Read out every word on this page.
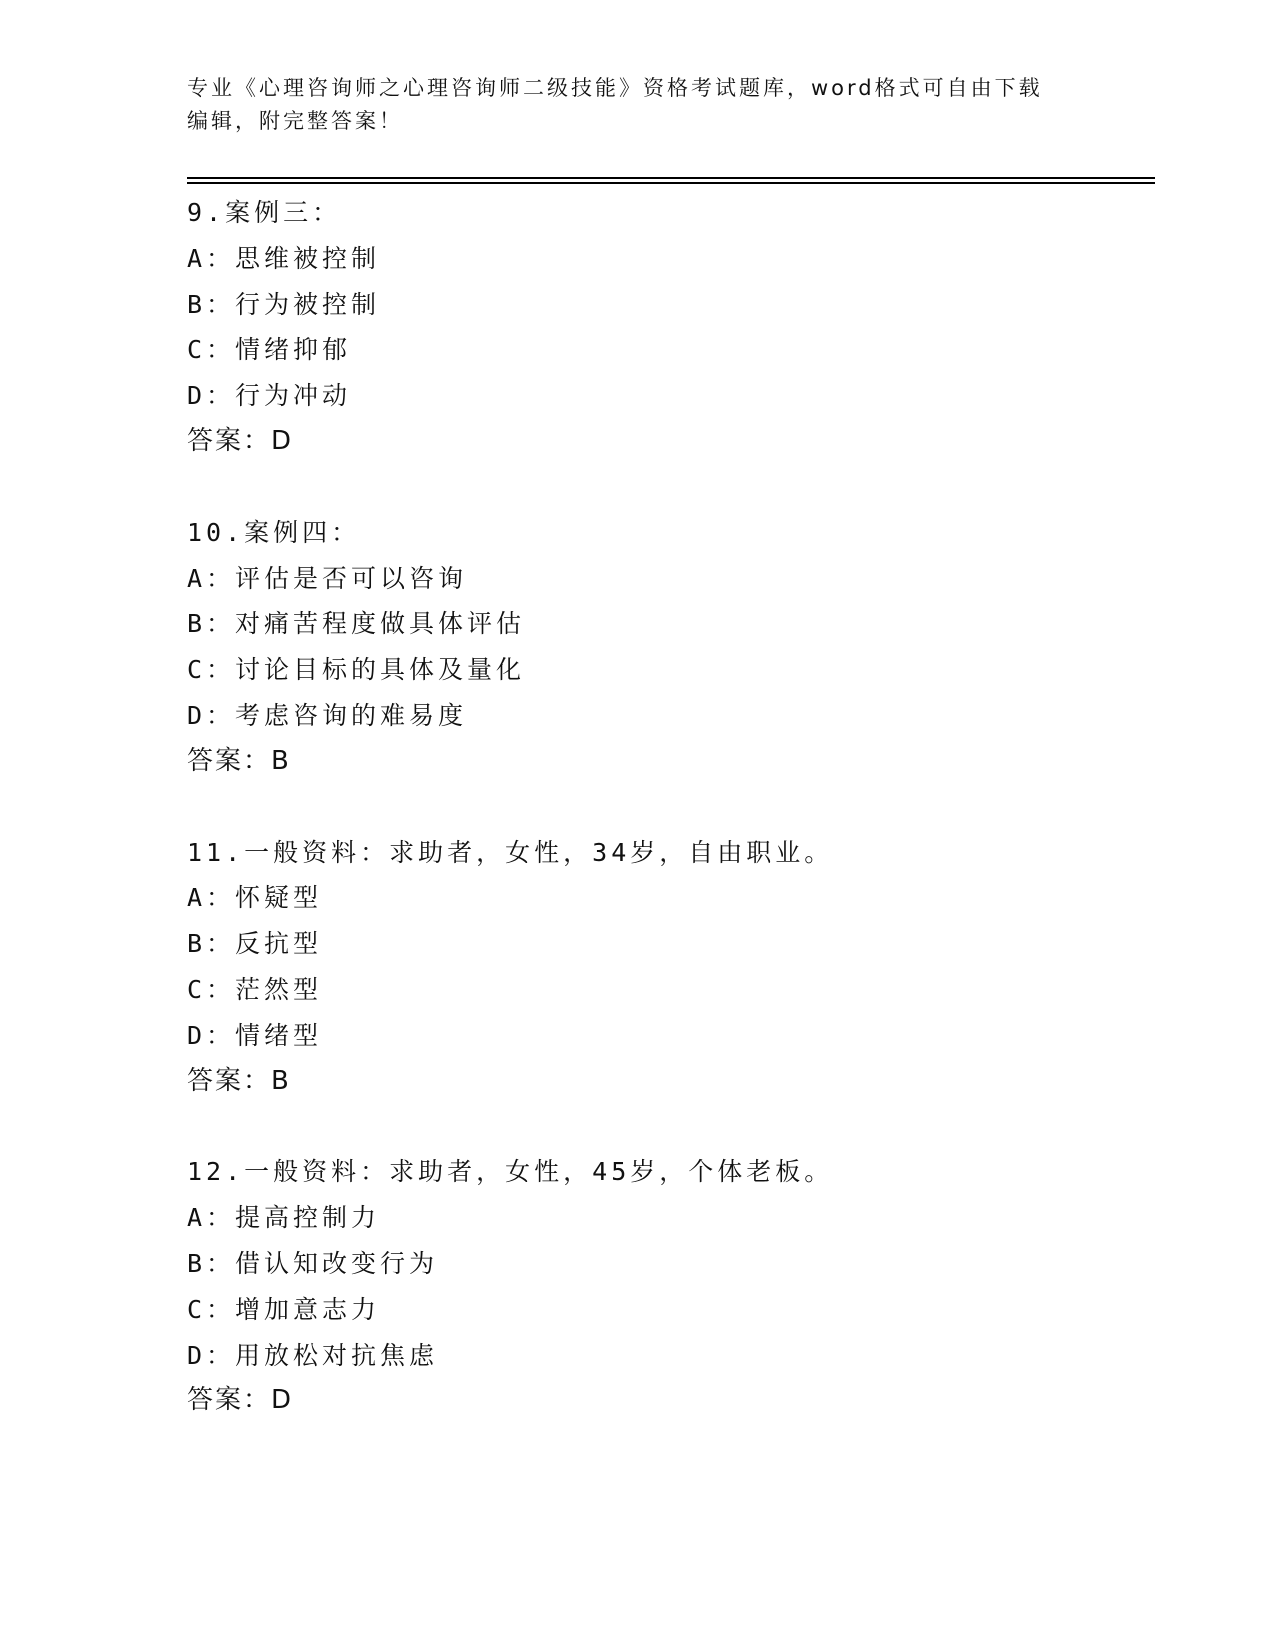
专业《心理咨询师之心理咨询师二级技能》资格考试题库，word格式可自由下载
编辑，附完整答案！
9.案例三：
A：思维被控制
B：行为被控制
C：情绪抑郁
D：行为冲动
答案：D
10.案例四：
A：评估是否可以咨询
B：对痛苦程度做具体评估
C：讨论目标的具体及量化
D：考虑咨询的难易度
答案：B
11.一般资料：求助者，女性，34岁，自由职业。
A：怀疑型
B：反抗型
C：茫然型
D：情绪型
答案：B
12.一般资料：求助者，女性，45岁，个体老板。
A：提高控制力
B：借认知改变行为
C：增加意志力
D：用放松对抗焦虑
答案：D
